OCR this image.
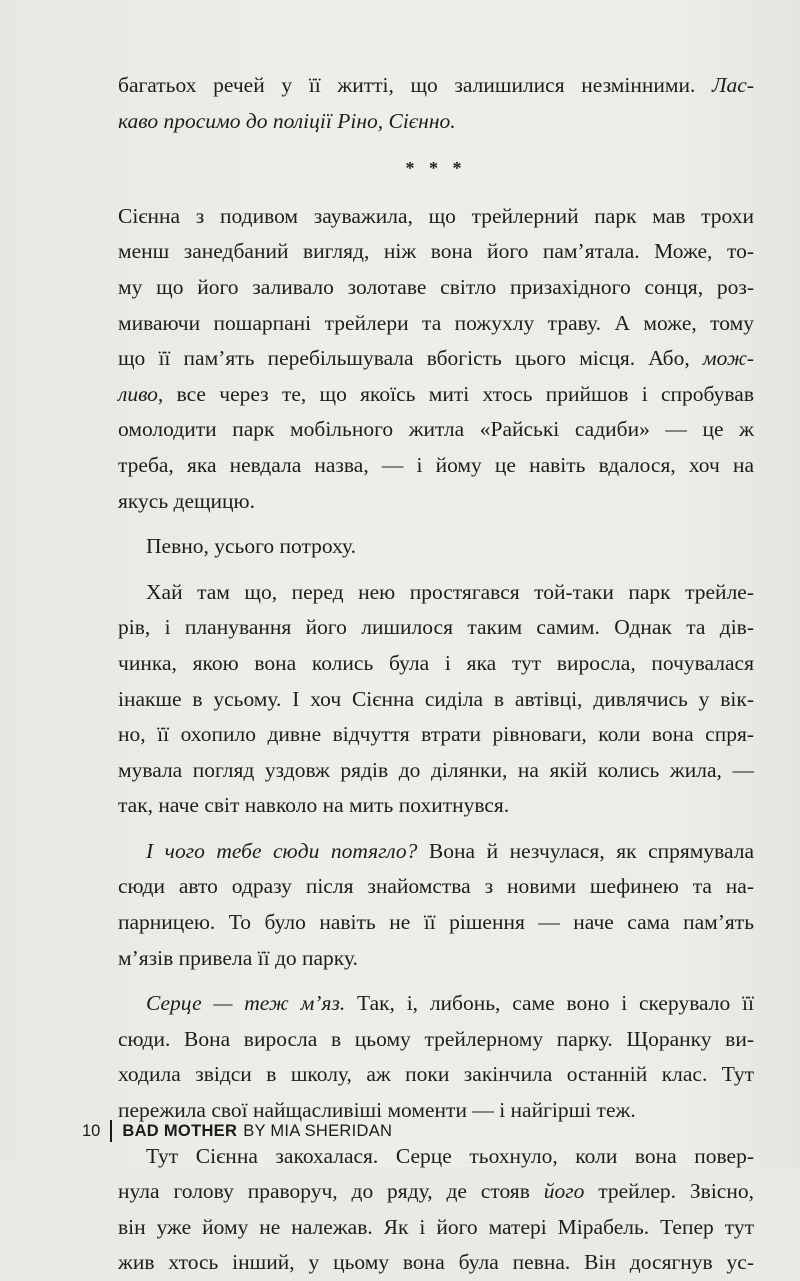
багатьох речей у її житті, що залишилися незмінними. Лас-
каво просимо до поліції Ріно, Сієнно.
* * *
Сієнна з подивом зауважила, що трейлерний парк мав трохи
менш занедбаний вигляд, ніж вона його пам’ятала. Може, то-
му що його заливало золотаве світло призахідного сонця, роз-
миваючи пошарпані трейлери та пожухлу траву. А може, тому
що її пам’ять перебільшувала вбогість цього місця. Або, мож-
ливо, все через те, що якоїсь миті хтось прийшов і спробував
омолодити парк мобільного житла «Райські садиби» — це ж
треба, яка невдала назва, — і йому це навіть вдалося, хоч на
якусь дещицю.
Певно, усього потроху.
Хай там що, перед нею простягався той-таки парк трейле-
рів, і планування його лишилося таким самим. Однак та дів-
чинка, якою вона колись була і яка тут виросла, почувалася
інакше в усьому. І хоч Сієнна сиділа в автівці, дивлячись у вік-
но, її охопило дивне відчуття втрати рівноваги, коли вона спря-
мувала погляд уздовж рядів до ділянки, на якій колись жила, —
так, наче світ навколо на мить похитнувся.
І чого тебе сюди потягло? Вона й незчулася, як спрямувала
сюди авто одразу після знайомства з новими шефинею та на-
парницею. То було навіть не її рішення — наче сама пам’ять
м’язів привела її до парку.
Серце — теж м’яз. Так, і, либонь, саме воно і скерувало її
сюди. Вона виросла в цьому трейлерному парку. Щоранку ви-
ходила звідси в школу, аж поки закінчила останній клас. Тут
пережила свої найщасливіші моменти — і найгірші теж.
Тут Сієнна закохалася. Серце тьохнуло, коли вона повер-
нула голову праворуч, до ряду, де стояв його трейлер. Звісно,
він уже йому не належав. Як і його матері Мірабель. Тепер тут
жив хтось інший, у цьому вона була певна. Він досягнув ус-
10 BAD MOTHER BY MIA SHERIDAN
